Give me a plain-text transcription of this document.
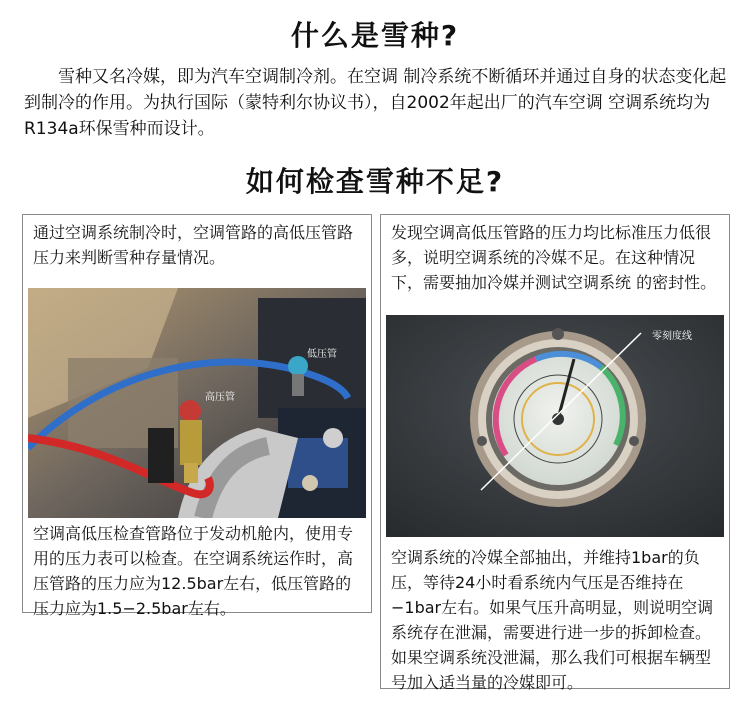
什么是雪种?

雪种又名冷媒，即为汽车空调制冷剂。在空调 制冷系统不断循环并通过自身的状态变化起到制冷的作用。为执行国际（蒙特利尔协议书），自2002年起出厂的汽车空调 空调系统均为R134a环保雪种而设计。

如何检查雪种不足?

通过空调系统制冷时，空调管路的高低压管路压力来判断雪种存量情况。

低压管
高压管

空调高低压检查管路位于发动机舱内，使用专用的压力表可以检查。在空调系统运作时，高压管路的压力应为12.5bar左右，低压管路的压力应为1.5−2.5bar左右。

发现空调高低压管路的压力均比标准压力低很多，说明空调系统的冷媒不足。在这种情况下，需要抽加冷媒并测试空调系统 的密封性。

零刻度线

空调系统的冷媒全部抽出，并维持1bar的负压，等待24小时看系统内气压是否维持在−1bar左右。如果气压升高明显，则说明空调系统存在泄漏，需要进行进一步的拆卸检查。如果空调系统没泄漏，那么我们可根据车辆型号加入适当量的冷媒即可。
